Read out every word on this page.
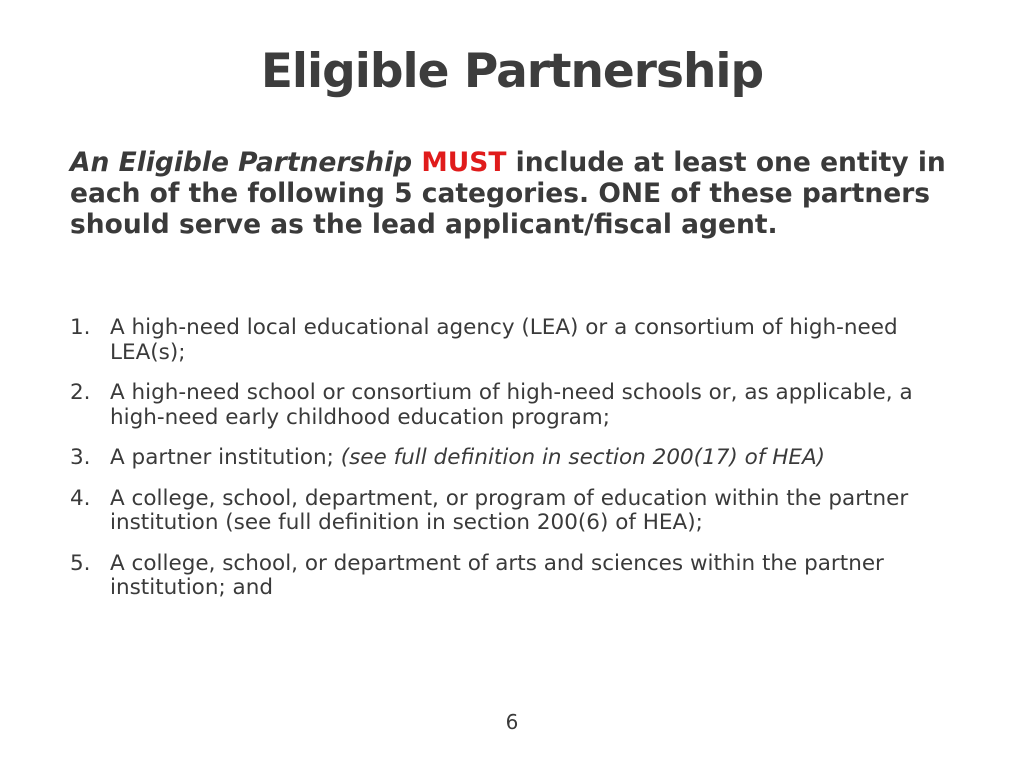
Eligible Partnership

An Eligible Partnership MUST include at least one entity in each of the following 5 categories. ONE of these partners should serve as the lead applicant/fiscal agent.

1. A high-need local educational agency (LEA) or a consortium of high-need LEA(s);
2. A high-need school or consortium of high-need schools or, as applicable, a high-need early childhood education program;
3. A partner institution; (see full definition in section 200(17) of HEA)
4. A college, school, department, or program of education within the partner institution (see full definition in section 200(6) of HEA);
5. A college, school, or department of arts and sciences within the partner institution; and
6
